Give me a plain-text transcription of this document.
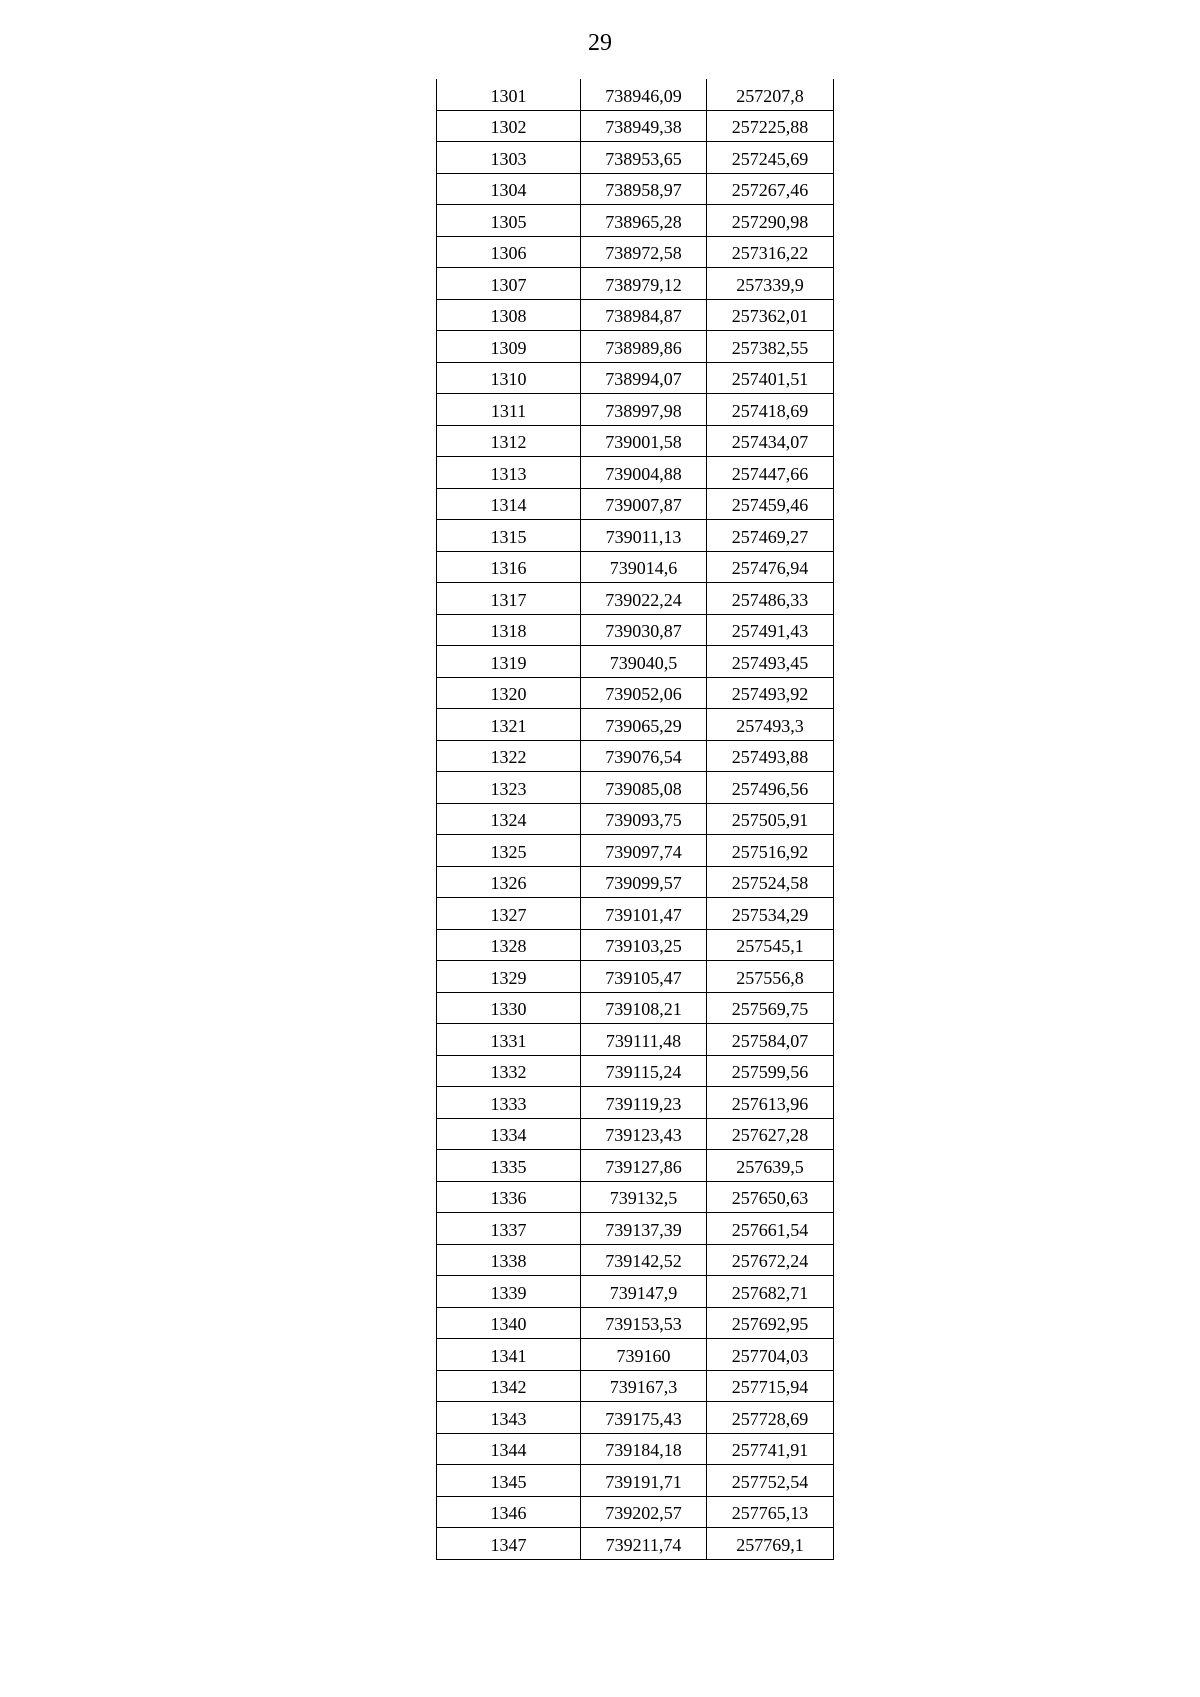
29
1301	738946,09	257207,8
1302	738949,38	257225,88
1303	738953,65	257245,69
1304	738958,97	257267,46
1305	738965,28	257290,98
1306	738972,58	257316,22
1307	738979,12	257339,9
1308	738984,87	257362,01
1309	738989,86	257382,55
1310	738994,07	257401,51
1311	738997,98	257418,69
1312	739001,58	257434,07
1313	739004,88	257447,66
1314	739007,87	257459,46
1315	739011,13	257469,27
1316	739014,6	257476,94
1317	739022,24	257486,33
1318	739030,87	257491,43
1319	739040,5	257493,45
1320	739052,06	257493,92
1321	739065,29	257493,3
1322	739076,54	257493,88
1323	739085,08	257496,56
1324	739093,75	257505,91
1325	739097,74	257516,92
1326	739099,57	257524,58
1327	739101,47	257534,29
1328	739103,25	257545,1
1329	739105,47	257556,8
1330	739108,21	257569,75
1331	739111,48	257584,07
1332	739115,24	257599,56
1333	739119,23	257613,96
1334	739123,43	257627,28
1335	739127,86	257639,5
1336	739132,5	257650,63
1337	739137,39	257661,54
1338	739142,52	257672,24
1339	739147,9	257682,71
1340	739153,53	257692,95
1341	739160	257704,03
1342	739167,3	257715,94
1343	739175,43	257728,69
1344	739184,18	257741,91
1345	739191,71	257752,54
1346	739202,57	257765,13
1347	739211,74	257769,1
